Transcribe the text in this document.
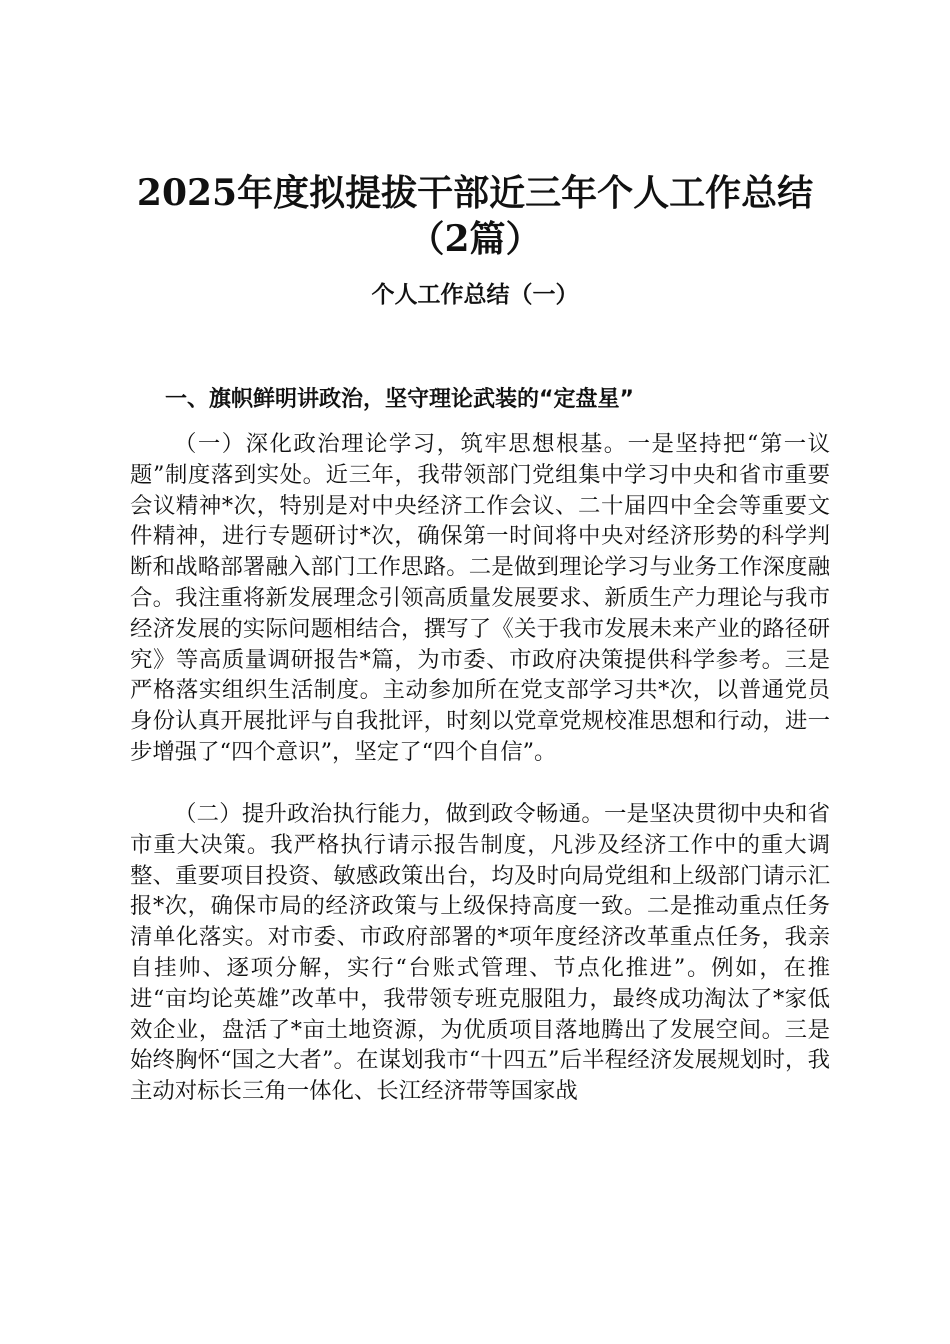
2025年度拟提拔干部近三年个人工作总结（2篇）
个人工作总结（一）
一、旗帜鲜明讲政治，坚守理论武装的“定盘星”

（一）深化政治理论学习，筑牢思想根基。一是坚持把“第一议题”制度落到实处。近三年，我带领部门党组集中学习中央和省市重要会议精神*次，特别是对中央经济工作会议、二十届四中全会等重要文件精神，进行专题研讨*次，确保第一时间将中央对经济形势的科学判断和战略部署融入部门工作思路。二是做到理论学习与业务工作深度融合。我注重将新发展理念引领高质量发展要求、新质生产力理论与我市经济发展的实际问题相结合，撰写了《关于我市发展未来产业的路径研究》等高质量调研报告*篇，为市委、市政府决策提供科学参考。三是严格落实组织生活制度。主动参加所在党支部学习共*次，以普通党员身份认真开展批评与自我批评，时刻以党章党规校准思想和行动，进一步增强了“四个意识”，坚定了“四个自信”。

（二）提升政治执行能力，做到政令畅通。一是坚决贯彻中央和省市重大决策。我严格执行请示报告制度，凡涉及经济工作中的重大调整、重要项目投资、敏感政策出台，均及时向局党组和上级部门请示汇报*次，确保市局的经济政策与上级保持高度一致。二是推动重点任务清单化落实。对市委、市政府部署的*项年度经济改革重点任务，我亲自挂帅、逐项分解，实行“台账式管理、节点化推进”。例如，在推进“亩均论英雄”改革中，我带领专班克服阻力，最终成功淘汰了*家低效企业，盘活了*亩土地资源，为优质项目落地腾出了发展空间。三是始终胸怀“国之大者”。在谋划我市“十四五”后半程经济发展规划时，我主动对标长三角一体化、长江经济带等国家战
